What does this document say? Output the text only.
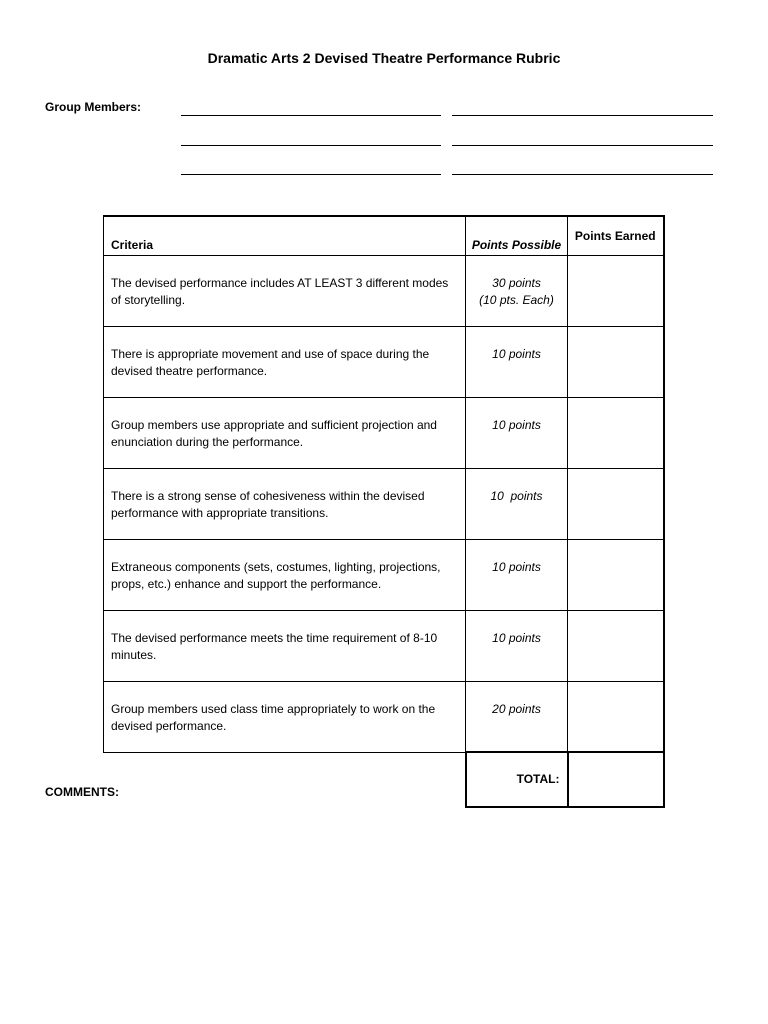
Dramatic Arts 2 Devised Theatre Performance Rubric
Group Members:
Criteria	Points Possible	Points Earned
The devised performance includes AT LEAST 3 different modes of storytelling.	30 points
(10 pts. Each)	

There is appropriate movement and use of space during the devised theatre performance.	10 points	
Group members use appropriate and sufficient projection and enunciation during the performance.	10 points	
There is a strong sense of cohesiveness within the devised performance with appropriate transitions.	10  points	
Extraneous components (sets, costumes, lighting, projections, props, etc.) enhance and support the performance.	10 points	
The devised performance meets the time requirement of 8-10 minutes.	10 points	
Group members used class time appropriately to work on the devised performance.	20 points	
	TOTAL:	
COMMENTS:
